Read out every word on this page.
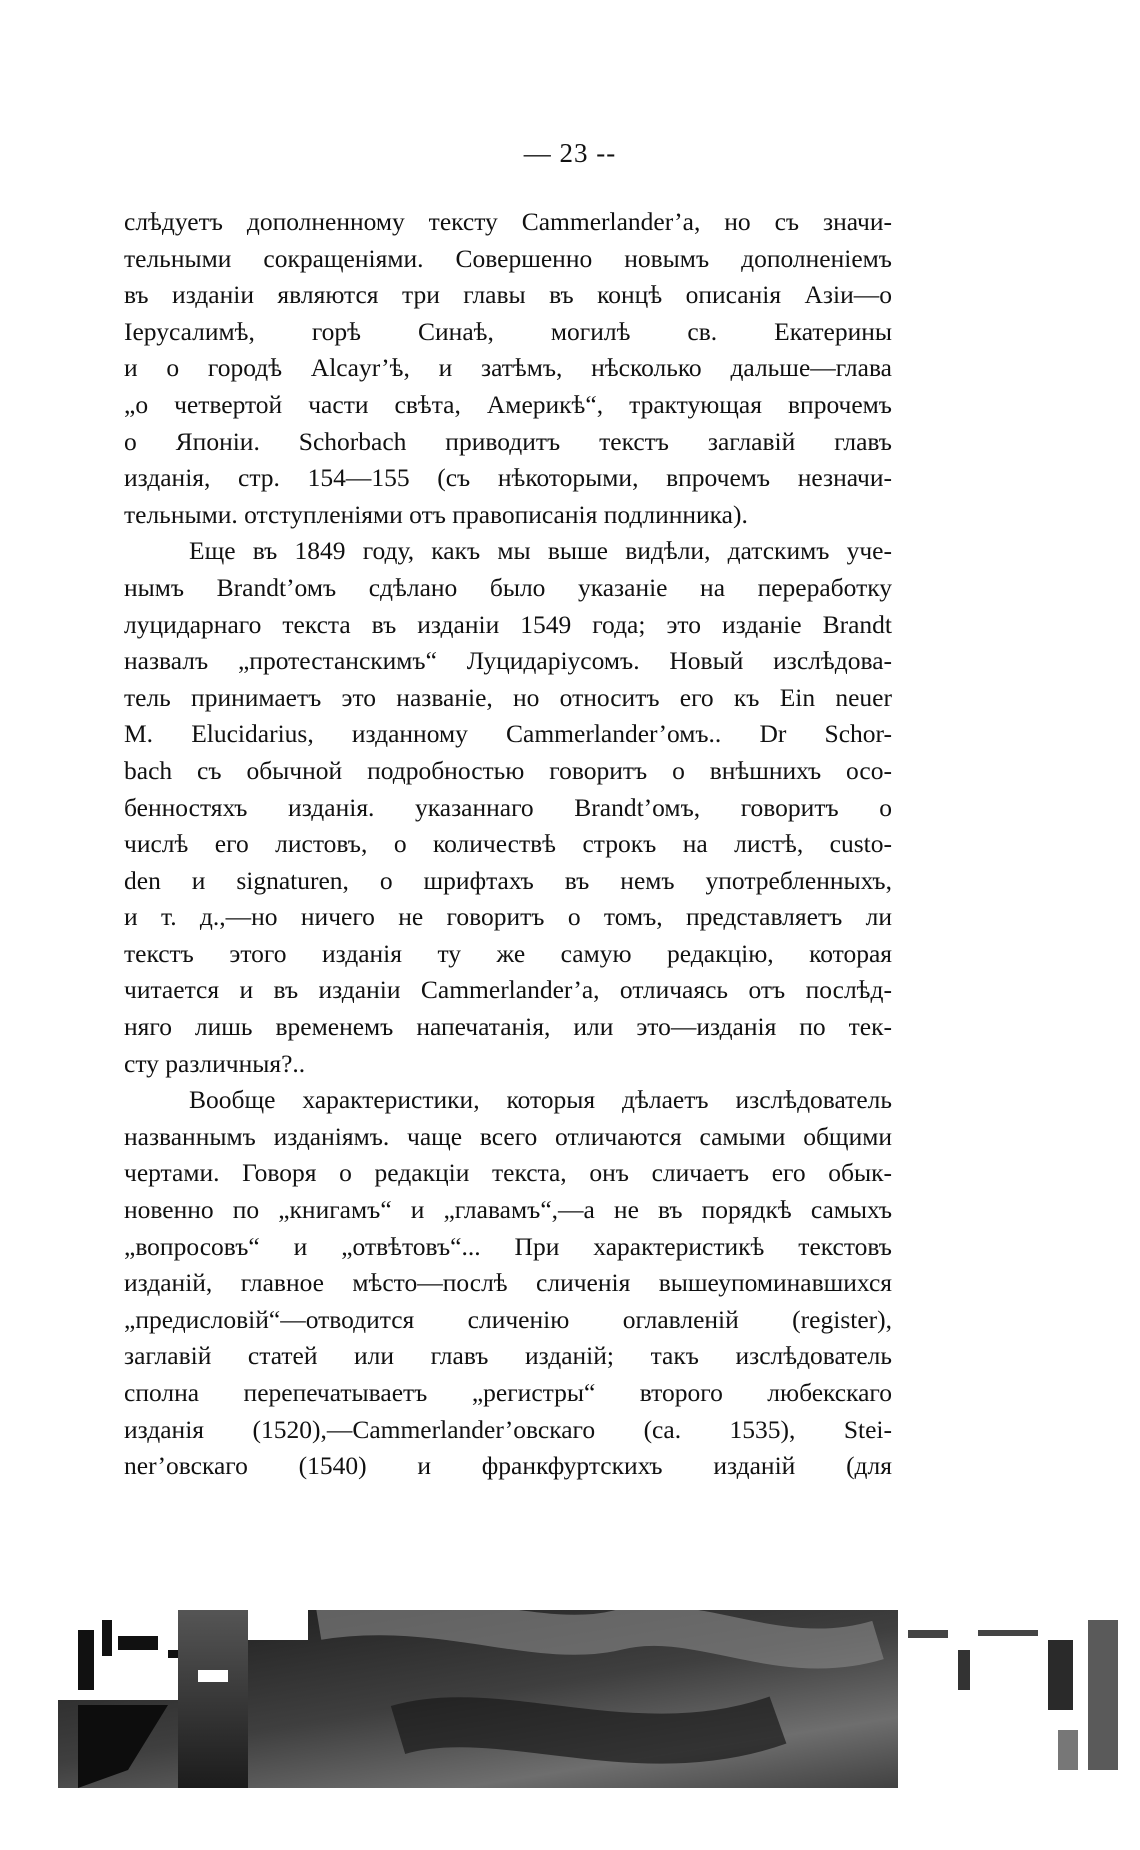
— 23 --
слѣдуетъ дополненному тексту Cammerlander’a, но съ значи-
тельными сокращеніями. Совершенно новымъ дополненіемъ
въ изданіи являются три главы въ концѣ описанія Азіи—о
Іерусалимѣ, горѣ Синаѣ, могилѣ св. Екатерины
и о городѣ Alcayr’ѣ, и затѣмъ, нѣсколько дальше—глава
„о четвертой части свѣта, Америкѣ“, трактующая впрочемъ
о Японіи. Schorbach приводитъ текстъ заглавій главъ
изданія, стр. 154—155 (съ нѣкоторыми, впрочемъ незначи-
тельными. отступленіями отъ правописанія подлинника).
Еще въ 1849 году, какъ мы выше видѣли, датскимъ уче-
нымъ Brandt’омъ сдѣлано было указаніе на переработку
луцидарнаго текста въ изданіи 1549 года; это изданіе Brandt
назвалъ „протестанскимъ“ Луцидаріусомъ. Новый изслѣдова-
тель принимаетъ это названіе, но относитъ его къ Ein neuer
M. Elucidarius, изданному Cammerlander’омъ.. Dr Schor-
bach съ обычной подробностью говоритъ о внѣшнихъ осо-
бенностяхъ изданія. указаннаго Brandt’омъ, говоритъ о
числѣ его листовъ, о количествѣ строкъ на листѣ, custo-
den и signaturen, о шрифтахъ въ немъ употребленныхъ,
и т. д.,—но ничего не говоритъ о томъ, представляетъ ли
текстъ этого изданія ту же самую редакцію, которая
читается и въ изданіи Cammerlander’a, отличаясь отъ послѣд-
няго лишь временемъ напечатанія, или это—изданія по тек-
сту различныя?..
Вообще характеристики, которыя дѣлаетъ изслѣдователь
названнымъ изданіямъ. чаще всего отличаются самыми общими
чертами. Говоря о редакціи текста, онъ сличаетъ его обык-
новенно по „книгамъ“ и „главамъ“,—а не въ порядкѣ самыхъ
„вопросовъ“ и „отвѣтовъ“... При характеристикѣ текстовъ
изданій, главное мѣсто—послѣ сличенія вышеупоминавшихся
„предисловій“—отводится сличенію оглавленій (register),
заглавій статей или главъ изданій; такъ изслѣдователь
сполна перепечатываетъ „регистры“ второго любекскаго
изданія (1520),—Cammerlander’овскаго (ca. 1535), Stei-
ner’овскаго (1540) и франкфуртскихъ изданій (для
